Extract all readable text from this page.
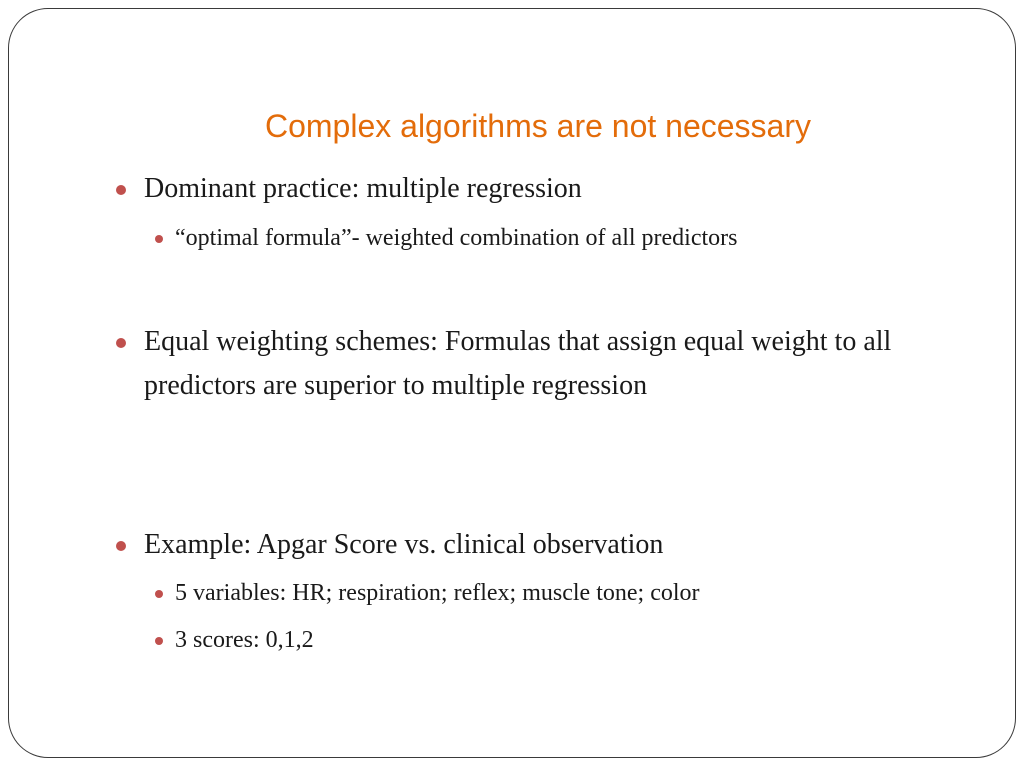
Complex algorithms are not necessary
Dominant practice: multiple regression
“optimal formula”- weighted combination of all predictors
Equal weighting schemes: Formulas that assign equal weight to all predictors are superior to multiple regression
Example: Apgar Score vs. clinical observation
5 variables: HR; respiration; reflex; muscle tone; color
3 scores: 0,1,2
